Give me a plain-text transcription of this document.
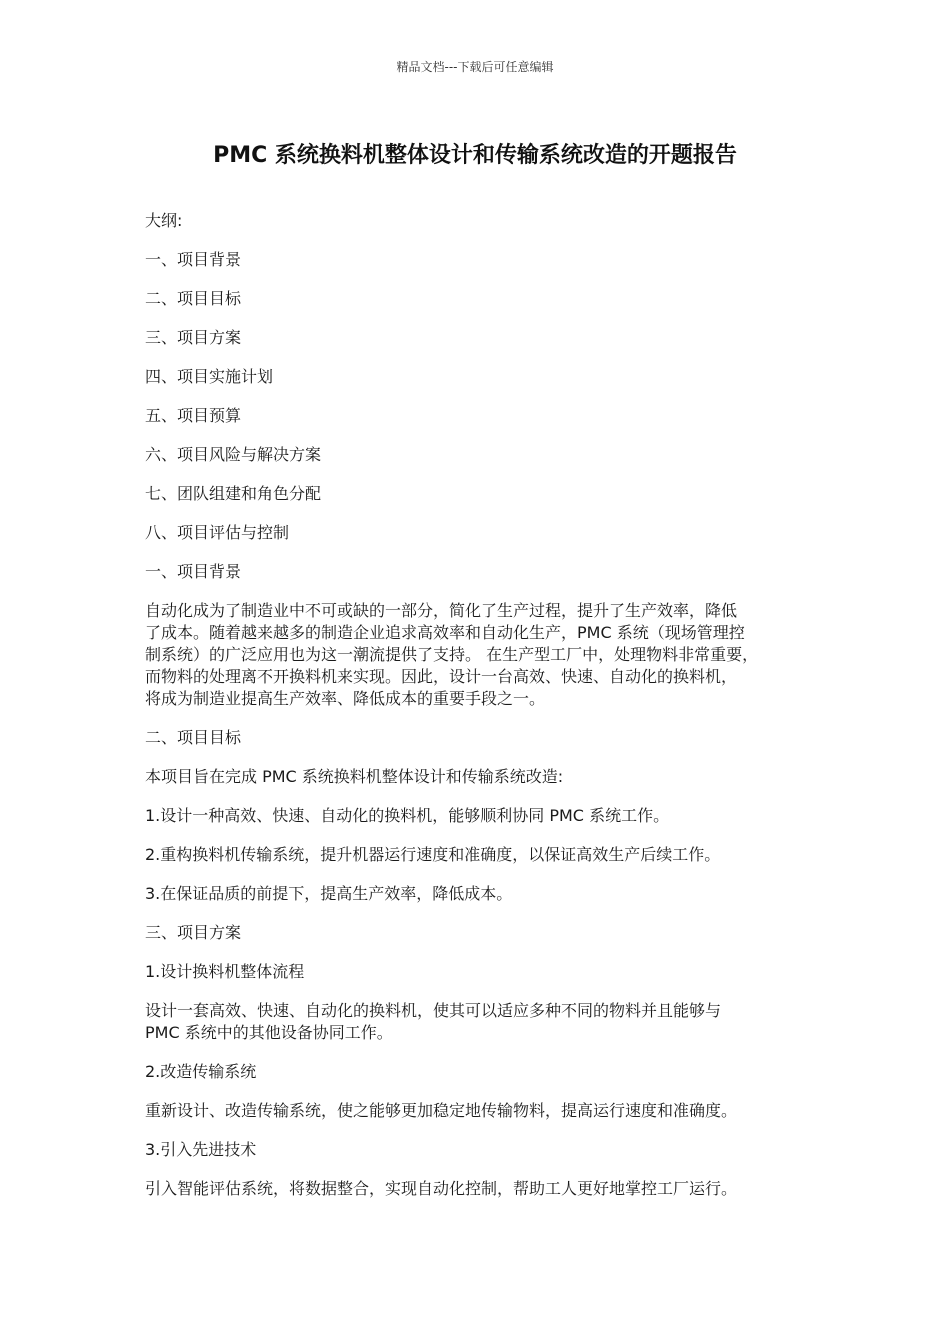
精品文档---下载后可任意编辑
PMC 系统换料机整体设计和传输系统改造的开题报告
大纲:
一、项目背景
二、项目目标
三、项目方案
四、项目实施计划
五、项目预算
六、项目风险与解决方案
七、团队组建和角色分配
八、项目评估与控制
一、项目背景
自动化成为了制造业中不可或缺的一部分，简化了生产过程，提升了生产效率，降低
了成本。随着越来越多的制造企业追求高效率和自动化生产，PMC 系统（现场管理控
制系统）的广泛应用也为这一潮流提供了支持。 在生产型工厂中，处理物料非常重要，
而物料的处理离不开换料机来实现。因此，设计一台高效、快速、自动化的换料机，
将成为制造业提高生产效率、降低成本的重要手段之一。
二、项目目标
本项目旨在完成 PMC 系统换料机整体设计和传输系统改造:
1.设计一种高效、快速、自动化的换料机，能够顺利协同 PMC 系统工作。
2.重构换料机传输系统，提升机器运行速度和准确度，以保证高效生产后续工作。
3.在保证品质的前提下，提高生产效率，降低成本。
三、项目方案
1.设计换料机整体流程
设计一套高效、快速、自动化的换料机，使其可以适应多种不同的物料并且能够与
PMC 系统中的其他设备协同工作。
2.改造传输系统
重新设计、改造传输系统，使之能够更加稳定地传输物料，提高运行速度和准确度。
3.引入先进技术
引入智能评估系统，将数据整合，实现自动化控制，帮助工人更好地掌控工厂运行。
